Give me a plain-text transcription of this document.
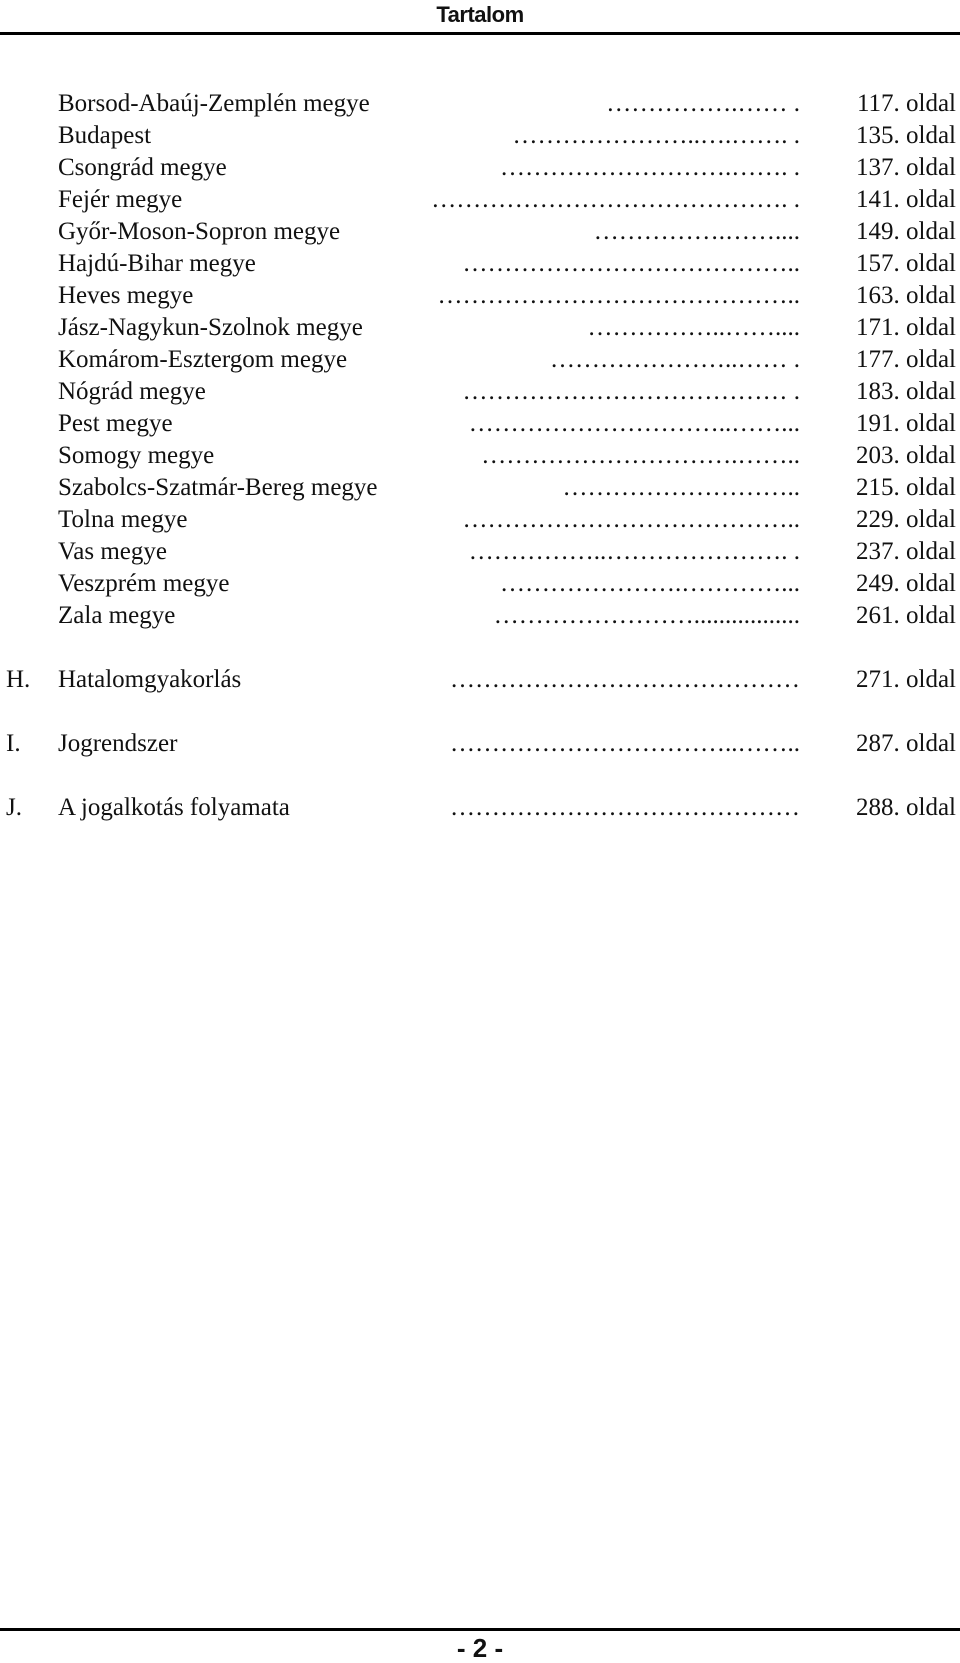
Tartalom
Borsod-Abaúj-Zemplén megye	…………….…… . 117. oldal
Budapest	…………………..….……. . 135. oldal
Csongrád megye	……………………….……. . 137. oldal
Fejér megye	……………………………………. . 141. oldal
Győr-Moson-Sopron megye	…………….…….... 149. oldal
Hajdú-Bihar megye	………………………………….. 157. oldal
Heves megye	…………………………………….. 163. oldal
Jász-Nagykun-Szolnok megye	……………..…….... 171. oldal
Komárom-Esztergom megye	…………………..…… . 177. oldal
Nógrád megye	………………………………… . 183. oldal
Pest megye	…………………………..……... 191. oldal
Somogy megye	………………………….…….. 203. oldal
Szabolcs-Szatmár-Bereg megye	……………………….. 215. oldal
Tolna megye	………………………………….. 229. oldal
Vas megye	……………..…………………. . 237. oldal
Veszprém megye	………………….…………... 249. oldal
Zala megye	……………………................. 261. oldal
H. Hatalomgyakorlás	…………………………………… 271. oldal
I. Jogrendszer	……………………………..…….. 287. oldal
J. A jogalkotás folyamata	…………………………………… 288. oldal
- 2 -
